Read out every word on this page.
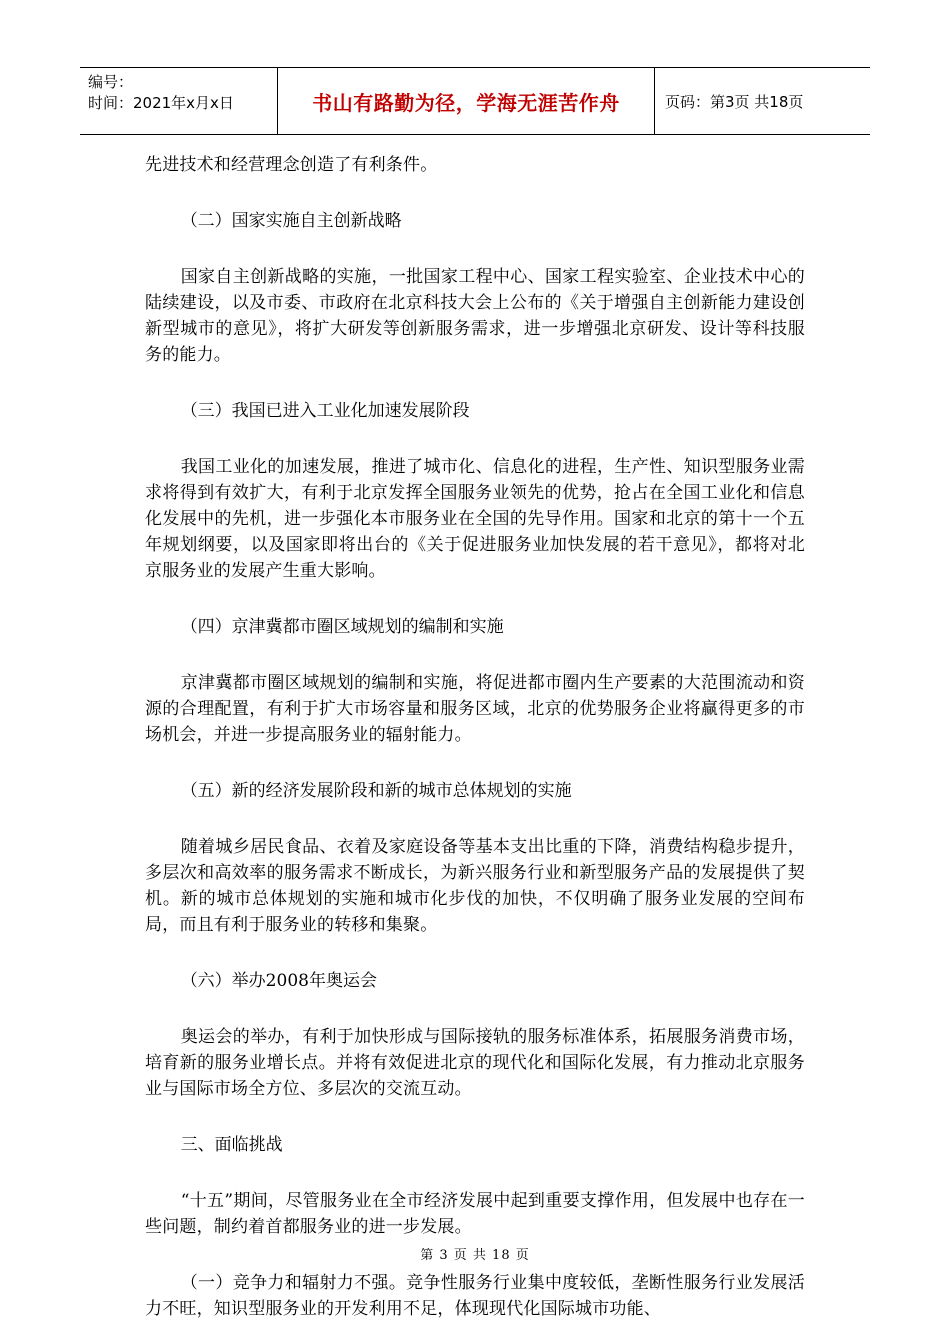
编号：
时间：2021年x月x日	书山有路勤为径，学海无涯苦作舟	页码：第3页 共18页

先进技术和经营理念创造了有利条件。

（二）国家实施自主创新战略

国家自主创新战略的实施，一批国家工程中心、国家工程实验室、企业技术中心的陆续建设，以及市委、市政府在北京科技大会上公布的《关于增强自主创新能力建设创新型城市的意见》，将扩大研发等创新服务需求，进一步增强北京研发、设计等科技服务的能力。

（三）我国已进入工业化加速发展阶段

我国工业化的加速发展，推进了城市化、信息化的进程，生产性、知识型服务业需求将得到有效扩大，有利于北京发挥全国服务业领先的优势，抢占在全国工业化和信息化发展中的先机，进一步强化本市服务业在全国的先导作用。国家和北京的第十一个五年规划纲要，以及国家即将出台的《关于促进服务业加快发展的若干意见》，都将对北京服务业的发展产生重大影响。

（四）京津冀都市圈区域规划的编制和实施

京津冀都市圈区域规划的编制和实施，将促进都市圈内生产要素的大范围流动和资源的合理配置，有利于扩大市场容量和服务区域，北京的优势服务企业将赢得更多的市场机会，并进一步提高服务业的辐射能力。

（五）新的经济发展阶段和新的城市总体规划的实施

随着城乡居民食品、衣着及家庭设备等基本支出比重的下降，消费结构稳步提升，多层次和高效率的服务需求不断成长，为新兴服务行业和新型服务产品的发展提供了契机。新的城市总体规划的实施和城市化步伐的加快，不仅明确了服务业发展的空间布局，而且有利于服务业的转移和集聚。

（六）举办2008年奥运会

奥运会的举办，有利于加快形成与国际接轨的服务标准体系，拓展服务消费市场，培育新的服务业增长点。并将有效促进北京的现代化和国际化发展，有力推动北京服务业与国际市场全方位、多层次的交流互动。

三、面临挑战

“十五”期间，尽管服务业在全市经济发展中起到重要支撑作用，但发展中也存在一些问题，制约着首都服务业的进一步发展。

（一）竞争力和辐射力不强。竞争性服务行业集中度较低，垄断性服务行业发展活力不旺，知识型服务业的开发利用不足，体现现代化国际城市功能、

第 3 页 共 18 页
